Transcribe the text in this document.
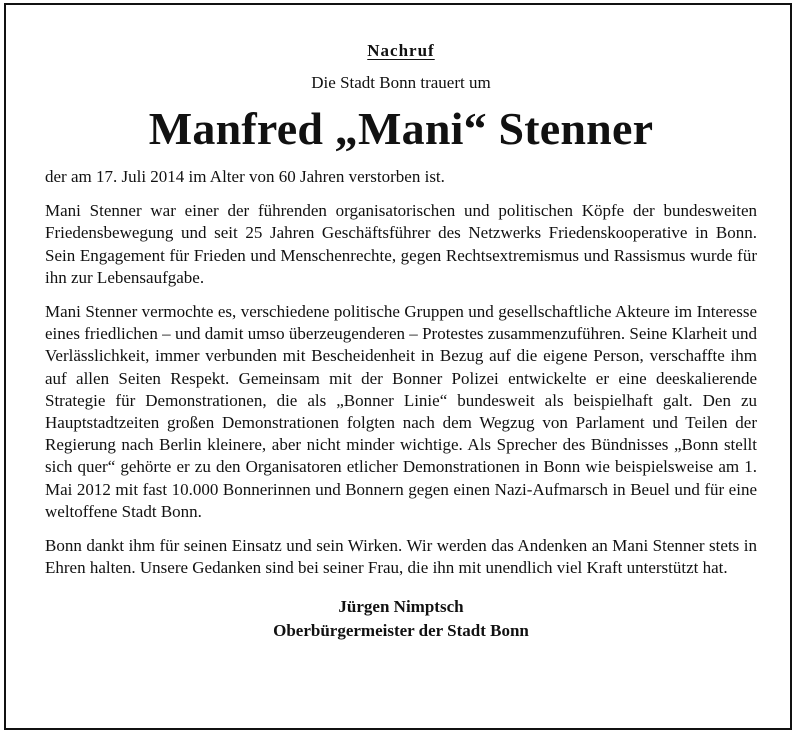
Nachruf

Die Stadt Bonn trauert um

Manfred „Mani“ Stenner

der am 17. Juli 2014 im Alter von 60 Jahren verstorben ist.

Mani Stenner war einer der führenden organisatorischen und politischen Köpfe der bundesweiten Friedensbewegung und seit 25 Jahren Geschäftsführer des Netzwerks Friedenskooperative in Bonn. Sein Engagement für Frieden und Menschenrechte, gegen Rechtsextremismus und Rassismus wurde für ihn zur Lebensaufgabe.

Mani Stenner vermochte es, verschiedene politische Gruppen und gesellschaftliche Akteure im Interesse eines friedlichen – und damit umso überzeugenderen – Protestes zusammenzuführen. Seine Klarheit und Verlässlichkeit, immer verbunden mit Bescheidenheit in Bezug auf die eigene Person, verschaffte ihm auf allen Seiten Respekt. Gemeinsam mit der Bonner Polizei entwickelte er eine deeskalierende Strategie für Demonstrationen, die als „Bonner Linie“ bundesweit als beispielhaft galt. Den zu Hauptstadtzeiten großen Demonstrationen folgten nach dem Wegzug von Parlament und Teilen der Regierung nach Berlin kleinere, aber nicht minder wichtige. Als Sprecher des Bündnisses „Bonn stellt sich quer“ gehörte er zu den Organisatoren etlicher Demonstrationen in Bonn wie beispielsweise am 1. Mai 2012 mit fast 10.000 Bonnerinnen und Bonnern gegen einen Nazi-Aufmarsch in Beuel und für eine weltoffene Stadt Bonn.

Bonn dankt ihm für seinen Einsatz und sein Wirken. Wir werden das Andenken an Mani Stenner stets in Ehren halten. Unsere Gedanken sind bei seiner Frau, die ihn mit unendlich viel Kraft unterstützt hat.

Jürgen Nimptsch
Oberbürgermeister der Stadt Bonn
